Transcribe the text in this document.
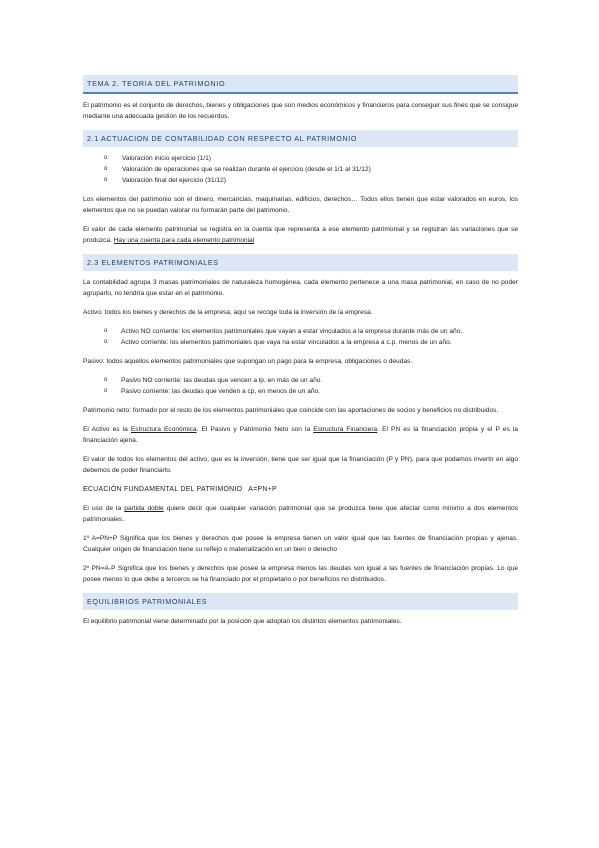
TEMA 2. TEORIA DEL PATRIMONIO

El patrimonio es el conjunto de derechos, bienes y obligaciones que son medios económicos y financieros para conseguir sus fines que se consigue mediante una adecuada gestión de los recuerdos.

2.1 ACTUACION DE CONTABILIDAD CON RESPECTO AL PATRIMONIO
o Valoración inicio ejercicio (1/1)
o Valoración de operaciones que se realizan durante el ejercicio (desde el 1/1 al 31/12)
o Valoración final del ejercicio (31/12)

Los elementos del patrimonio son el dinero, mercancias, maquinarias, edificios, derechos… Todos ellos tienen que estar valorados en euros, los elementos que no se puedan valorar no formarán parte del patrimonio.

El valor de cada elemento patrimonial se registra en la cuenta que representa a ese elemento patrimonial y se registran las variaciones que se produzca. Hay una cuenta para cada elemento patrimonial

2.3 ELEMENTOS PATRIMONIALES

La contabilidad agrupa 3 masas patrimoniales de naturaleza homogénea, cada elemento pertenece a una masa patrimonial, en caso de no poder agruparlo, no tendría que estar en el patrimonio.

Activo: todos los bienes y derechos de la empresa, aquí se recoge toda la inversión de la empresa.

o Activo NO corriente: los elementos patrimoniales que vayan a estar vinculados a la empresa durante más de un año.
o Activo corriente: los elementos patrimoniales que vaya na estar vinculados a la empresa a c.p. menos de un año.

Pasivo: todos aquellos elementos patrimoniales que supongan un pago para la empresa, obligaciones o deudas.

o Pasivo NO corriente: las deudas que vencen a lp, en más de un año.
o Pasivo corriente: las deudas que venden a cp, en menos de un año.

Patrimonio neto: formado por el resto de los elementos patrimoniales que coincide con las aportaciones de socios y beneficios no distribuidos.

El Activo es la Estructura Económica. El Pasivo y Patrimonio Neto son la Estructura Financiera. El PN es la financiación propia y el P es la financiación ajena.

El valor de todos los elementos del activo, que es la inversión, tiene que ser igual que la financiación (P y PN), para que podamos invertir en algo debemos de poder financiarlo.

ECUACIÓN FUNDAMENTAL DEL PATRIMONIO A=PN+P

El uso de la partida doble quiere decir que cualquier variación patrimonial que se produzca tiene que afectar como mínimo a dos elementos patrimoniales.

1º A=PN+P Significa que los bienes y derechos que posee la empresa tienen un valor igual que las fuentes de financiación propias y ajenas. Cualquier origen de financiación tiene su reflejo o materialización en un bien o derecho

2º PN=A-P Significa que los bienes y derechos que posee la empresa menos las deudas son igual a las fuentes de financiación propias. Lo que posee menos lo que debe a terceros se ha financiado por el propietario o por beneficios no distribuidos.

EQUILIBRIOS PATRIMONIALES

El equilibrio patrimonial viene determinado por la posición que adoptan los distintos elementos patrimoniales.
